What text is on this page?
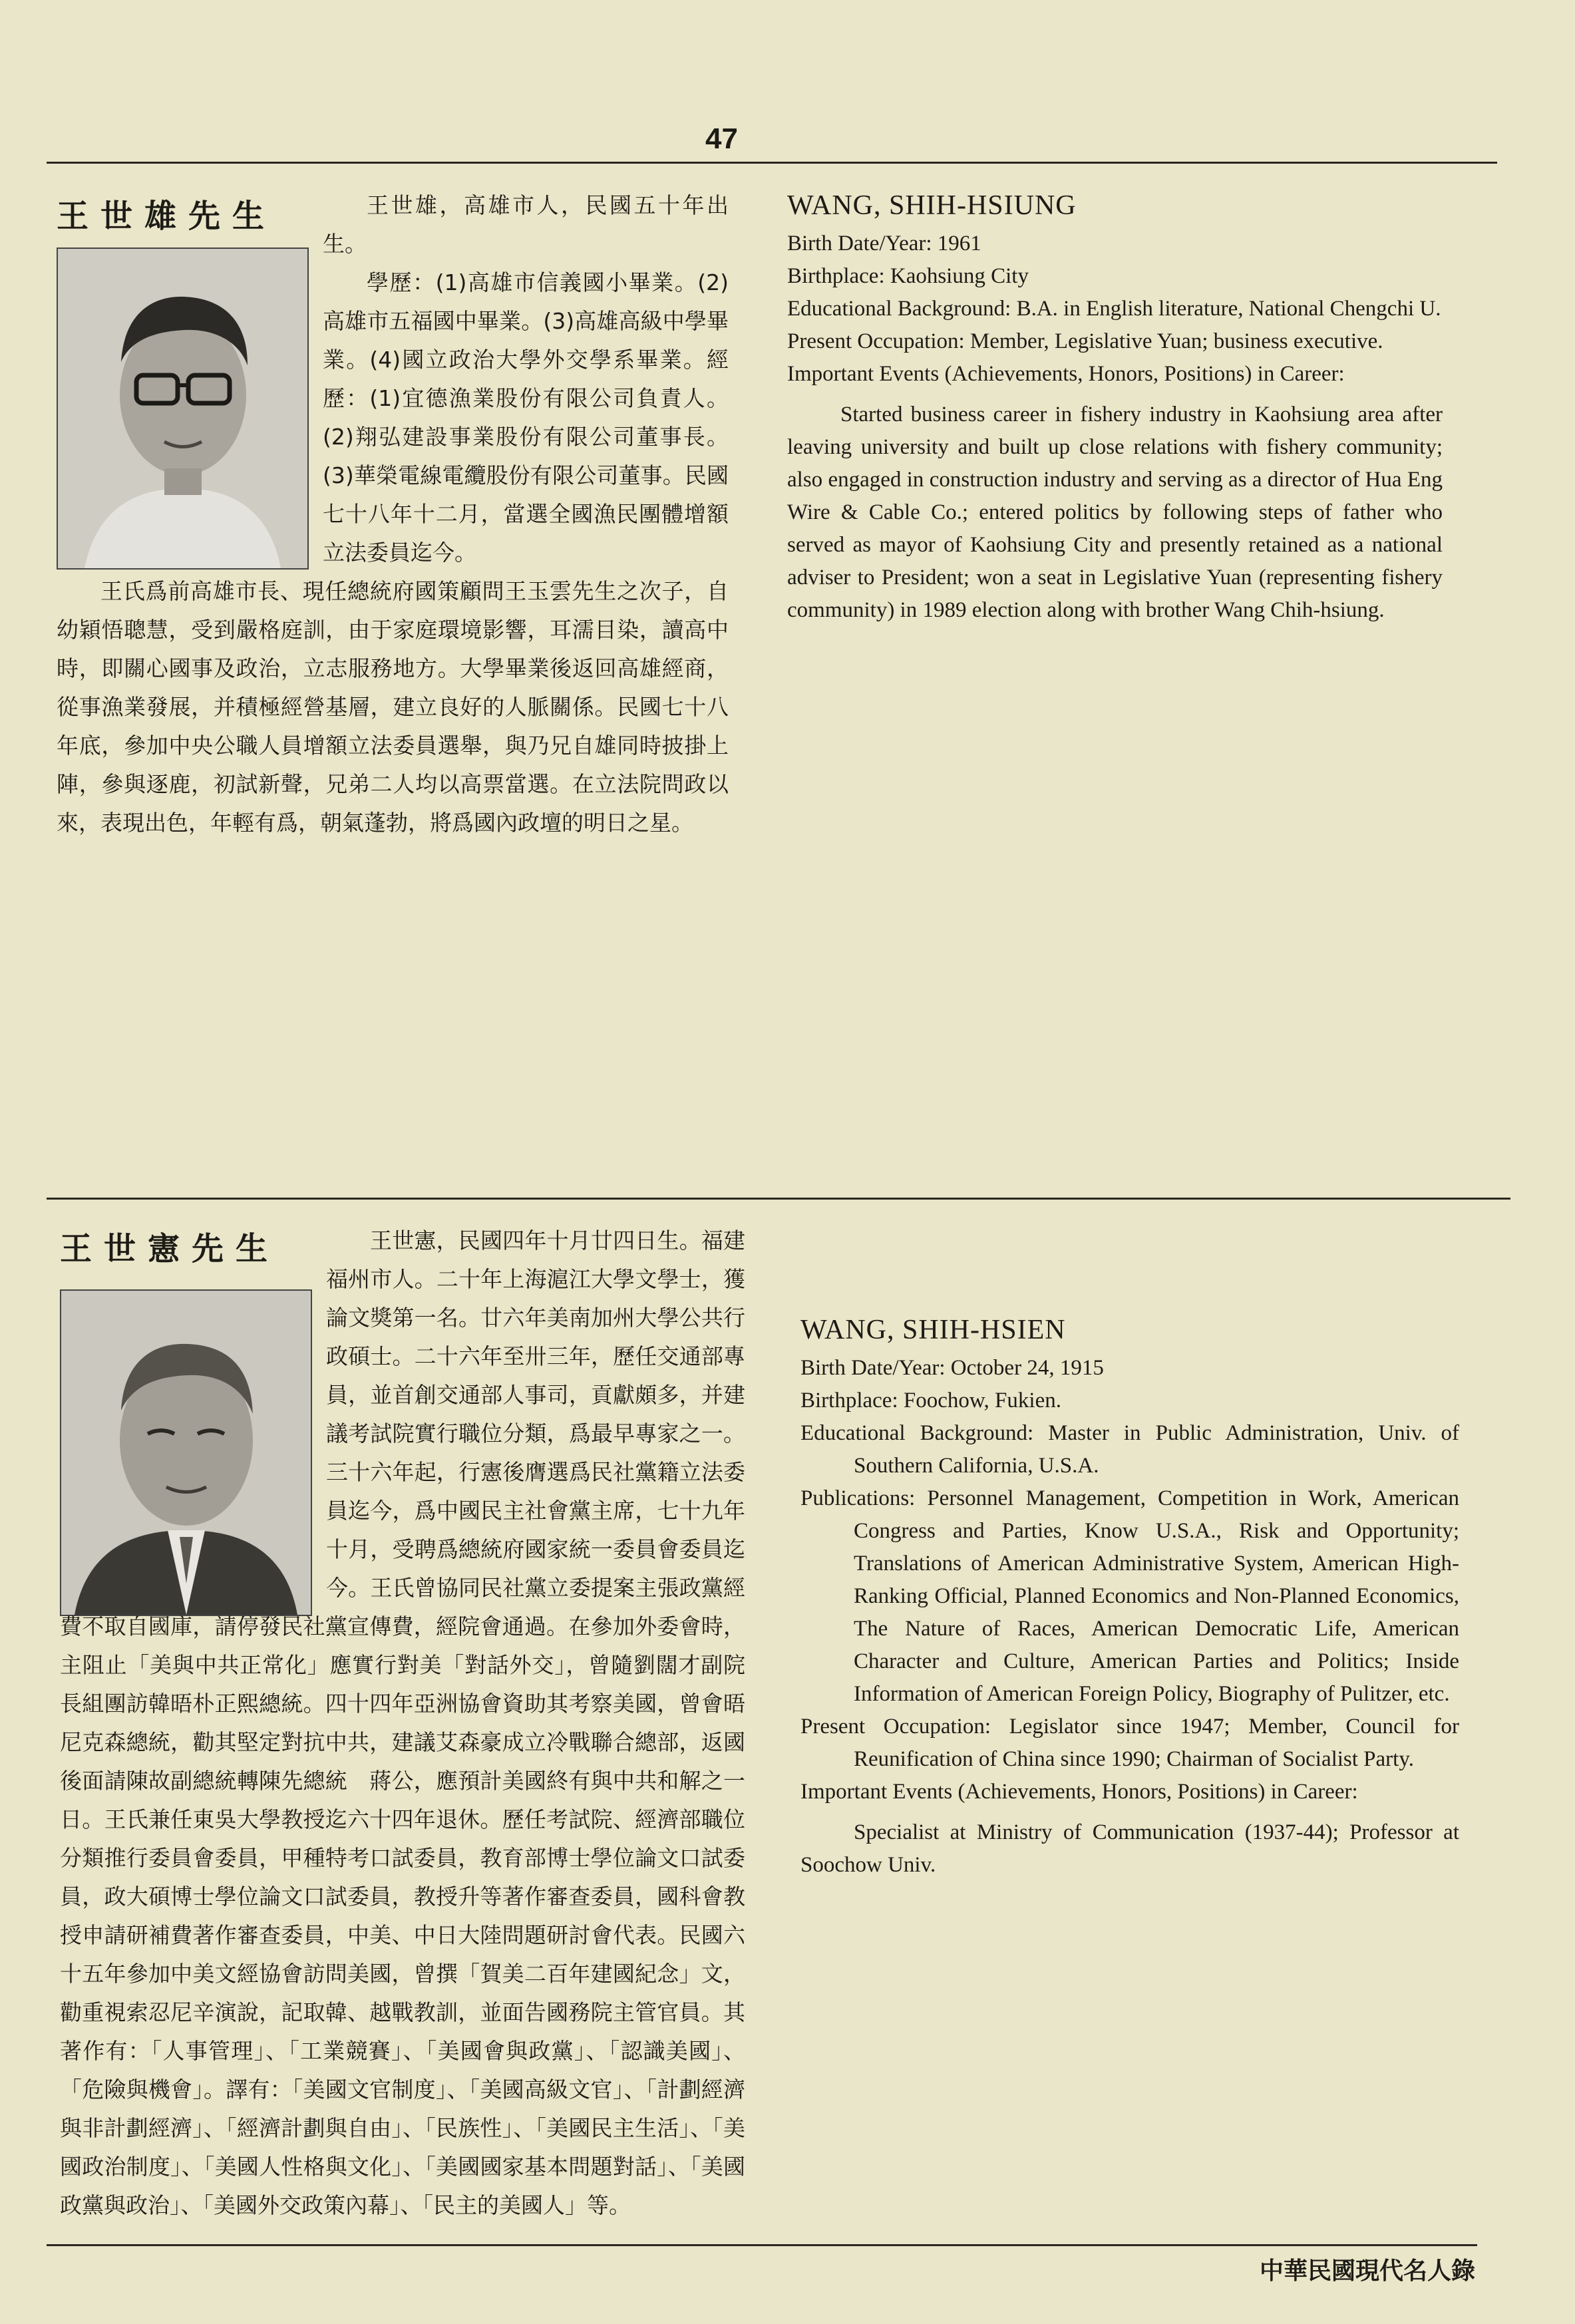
47
王世雄先生	王世雄，高雄市人，民國五十年出生。

學歷：(1)高雄市信義國小畢業。(2)高雄市五福國中畢業。(3)高雄高級中學畢業。(4)國立政治大學外交學系畢業。經歷：(1)宜德漁業股份有限公司負責人。(2)翔弘建設事業股份有限公司董事長。(3)華榮電線電纜股份有限公司董事。民國七十八年十二月，當選全國漁民團體增額立法委員迄今。

王氏爲前高雄市長、現任總統府國策顧問王玉雲先生之次子，自幼穎悟聰慧，受到嚴格庭訓，由于家庭環境影響，耳濡目染，讀高中時，即關心國事及政治，立志服務地方。大學畢業後返回高雄經商，從事漁業發展，并積極經營基層，建立良好的人脈關係。民國七十八年底，參加中央公職人員增額立法委員選舉，與乃兄自雄同時披掛上陣，參與逐鹿，初試新聲，兄弟二人均以高票當選。在立法院問政以來，表現出色，年輕有爲，朝氣蓬勃，將爲國內政壇的明日之星。

WANG, SHIH-HSIUNG

Birth Date/Year: 1961

Birthplace: Kaohsiung City

Educational Background: B.A. in English literature, National Chengchi U.

Present Occupation: Member, Legislative Yuan; business executive.

Important Events (Achievements, Honors, Positions) in Career:

Started business career in fishery industry in Kaohsiung area after leaving university and built up close relations with fishery community; also engaged in construction industry and serving as a director of Hua Eng Wire & Cable Co.; entered politics by following steps of father who served as mayor of Kaohsiung City and presently retained as a national adviser to President; won a seat in Legislative Yuan (representing fishery community) in 1989 election along with brother Wang Chih-hsiung.

王世憲先生	王世憲，民國四年十月廿四日生。福建福州市人。二十年上海滬江大學文學士，獲論文獎第一名。廿六年美南加州大學公共行政碩士。二十六年至卅三年，歷任交通部專員，並首創交通部人事司，貢獻頗多，并建議考試院實行職位分類，爲最早專家之一。三十六年起，行憲後膺選爲民社黨籍立法委員迄今，爲中國民主社會黨主席，七十九年十月，受聘爲總統府國家統一委員會委員迄今。王氏曾協同民社黨立委提案主張政黨經費不取自國庫，請停發民社黨宣傳費，經院會通過。在參加外委會時，主阻止「美與中共正常化」應實行對美「對話外交」，曾隨劉闊才副院長組團訪韓晤朴正熙總統。四十四年亞洲協會資助其考察美國，曾會晤尼克森總統，勸其堅定對抗中共，建議艾森豪成立冷戰聯合總部，返國後面請陳故副總統轉陳先總統　蔣公，應預計美國終有與中共和解之一日。王氏兼任東吳大學教授迄六十四年退休。歷任考試院、經濟部職位分類推行委員會委員，甲種特考口試委員，教育部博士學位論文口試委員，政大碩博士學位論文口試委員，教授升等著作審查委員，國科會教授申請研補費著作審查委員，中美、中日大陸問題研討會代表。民國六十五年參加中美文經協會訪問美國，曾撰「賀美二百年建國紀念」文，勸重視索忍尼辛演說，記取韓、越戰教訓，並面告國務院主管官員。其著作有：「人事管理」、「工業競賽」、「美國會與政黨」、「認識美國」、「危險與機會」。譯有：「美國文官制度」、「美國高級文官」、「計劃經濟與非計劃經濟」、「經濟計劃與自由」、「民族性」、「美國民主生活」、「美國政治制度」、「美國人性格與文化」、「美國國家基本問題對話」、「美國政黨與政治」、「美國外交政策內幕」、「民主的美國人」等。

WANG, SHIH-HSIEN

Birth Date/Year: October 24, 1915

Birthplace: Foochow, Fukien.

Educational Background: Master in Public Administration, Univ. of Southern California, U.S.A.

Publications: Personnel Management, Competition in Work, American Congress and Parties, Know U.S.A., Risk and Opportunity; Translations of American Administrative System, American High-Ranking Official, Planned Economics and Non-Planned Economics, The Nature of Races, American Democratic Life, American Character and Culture, American Parties and Politics; Inside Information of American Foreign Policy, Biography of Pulitzer, etc.

Present Occupation: Legislator since 1947; Member, Council for Reunification of China since 1990; Chairman of Socialist Party.

Important Events (Achievements, Honors, Positions) in Career:

Specialist at Ministry of Communication (1937-44); Professor at Soochow Univ.

中華民國現代名人錄
